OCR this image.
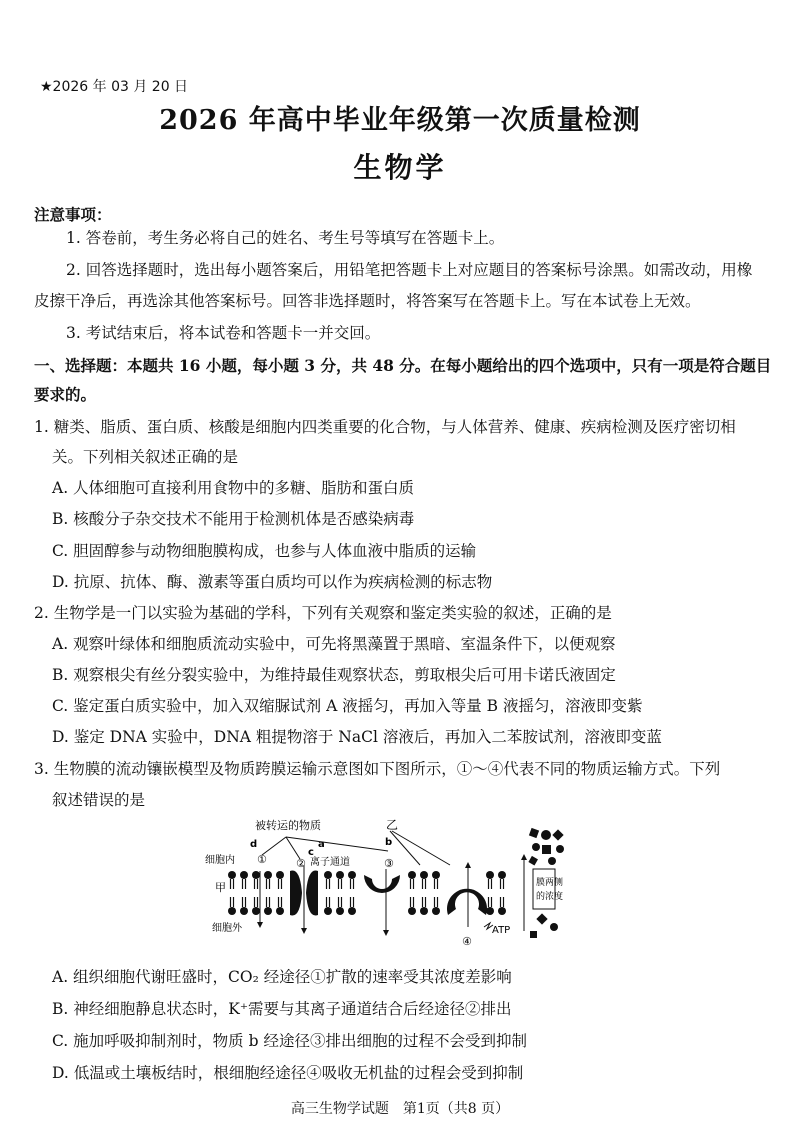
★2026 年 03 月 20 日
2026 年高中毕业年级第一次质量检测
生物学
注意事项：
1. 答卷前，考生务必将自己的姓名、考生号等填写在答题卡上。
2. 回答选择题时，选出每小题答案后，用铅笔把答题卡上对应题目的答案标号涂黑。如需改动，用橡
皮擦干净后，再选涂其他答案标号。回答非选择题时，将答案写在答题卡上。写在本试卷上无效。
3. 考试结束后，将本试卷和答题卡一并交回。
一、选择题：本题共 16 小题，每小题 3 分，共 48 分。在每小题给出的四个选项中，只有一项是符合题目
要求的。
1. 糖类、脂质、蛋白质、核酸是细胞内四类重要的化合物，与人体营养、健康、疾病检测及医疗密切相
关。下列相关叙述正确的是
A. 人体细胞可直接利用食物中的多糖、脂肪和蛋白质
B. 核酸分子杂交技术不能用于检测机体是否感染病毒
C. 胆固醇参与动物细胞膜构成，也参与人体血液中脂质的运输
D. 抗原、抗体、酶、激素等蛋白质均可以作为疾病检测的标志物
2. 生物学是一门以实验为基础的学科，下列有关观察和鉴定类实验的叙述，正确的是
A. 观察叶绿体和细胞质流动实验中，可先将黑藻置于黑暗、室温条件下，以便观察
B. 观察根尖有丝分裂实验中，为维持最佳观察状态，剪取根尖后可用卡诺氏液固定
C. 鉴定蛋白质实验中，加入双缩脲试剂 A 液摇匀，再加入等量 B 液摇匀，溶液即变紫
D. 鉴定 DNA 实验中，DNA 粗提物溶于 NaCl 溶液后，再加入二苯胺试剂，溶液即变蓝
3. 生物膜的流动镶嵌模型及物质跨膜运输示意图如下图所示，①～④代表不同的物质运输方式。下列
叙述错误的是
被转运的物质	乙
d
c
a	b
细胞内
甲
细胞外
离子通道
①	②	③
④
ATP
膜两侧
的浓度
A. 组织细胞代谢旺盛时，CO₂ 经途径①扩散的速率受其浓度差影响
B. 神经细胞静息状态时，K⁺需要与其离子通道结合后经途径②排出
C. 施加呼吸抑制剂时，物质 b 经途径③排出细胞的过程不会受到抑制
D. 低温或土壤板结时，根细胞经途径④吸收无机盐的过程会受到抑制
高三生物学试题　第1页（共8 页）
